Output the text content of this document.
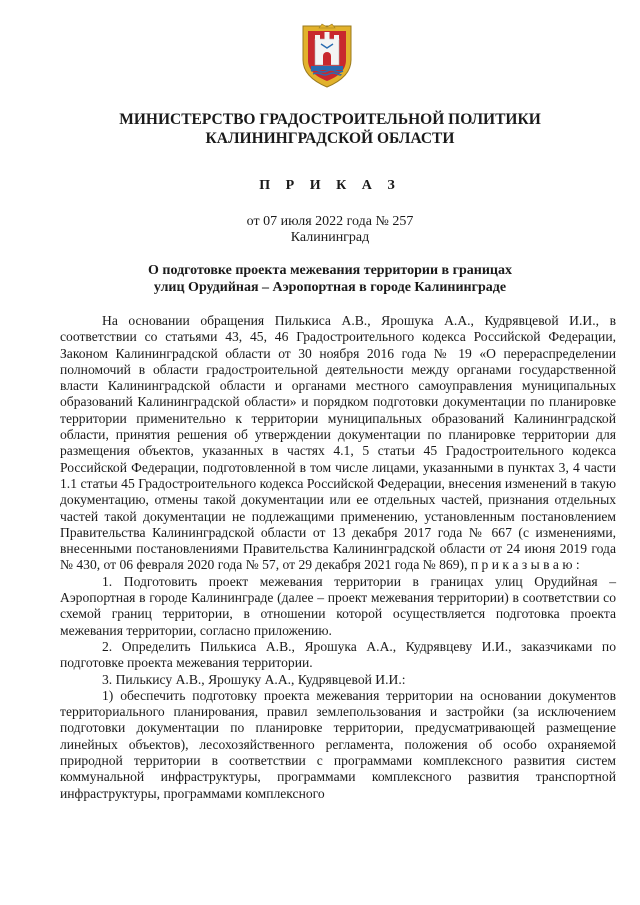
МИНИСТЕРСТВО ГРАДОСТРОИТЕЛЬНОЙ ПОЛИТИКИ
КАЛИНИНГРАДСКОЙ ОБЛАСТИ
П Р И К А З
от 07 июля 2022 года № 257
Калининград
О подготовке проекта межевания территории в границах
улиц Орудийная – Аэропортная в городе Калининграде

На основании обращения Пилькиса А.В., Ярошука А.А., Кудрявцевой И.И., в соответствии со статьями 43, 45, 46 Градостроительного кодекса Российской Федерации, Законом Калининградской области от 30 ноября 2016 года № 19 «О перераспределении полномочий в области градостроительной деятельности между органами государственной власти Калининградской области и органами местного самоуправления муниципальных образований Калининградской области» и порядком подготовки документации по планировке территории применительно к территории муниципальных образований Калининградской области, принятия решения об утверждении документации по планировке территории для размещения объектов, указанных в частях 4.1, 5 статьи 45 Градостроительного кодекса Российской Федерации, подготовленной в том числе лицами, указанными в пунктах 3, 4 части 1.1 статьи 45 Градостроительного кодекса Российской Федерации, внесения изменений в такую документацию, отмены такой документации или ее отдельных частей, признания отдельных частей такой документации не подлежащими применению, установленным постановлением Правительства Калининградской области от 13 декабря 2017 года № 667 (с изменениями, внесенными постановлениями Правительства Калининградской области от 24 июня 2019 года № 430, от 06 февраля 2020 года № 57, от 29 декабря 2021 года № 869), п р и к а з ы в а ю :

1. Подготовить проект межевания территории в границах улиц Орудийная – Аэропортная в городе Калининграде (далее – проект межевания территории) в соответствии со схемой границ территории, в отношении которой осуществляется подготовка проекта межевания территории, согласно приложению.

2. Определить Пилькиса А.В., Ярошука А.А., Кудрявцеву И.И., заказчиками по подготовке проекта межевания территории.

3. Пилькису А.В., Ярошуку А.А., Кудрявцевой И.И.:

1) обеспечить подготовку проекта межевания территории на основании документов территориального планирования, правил землепользования и застройки (за исключением подготовки документации по планировке территории, предусматривающей размещение линейных объектов), лесохозяйственного регламента, положения об особо охраняемой природной территории в соответствии с программами комплексного развития систем коммунальной инфраструктуры, программами комплексного развития транспортной инфраструктуры, программами комплексного
